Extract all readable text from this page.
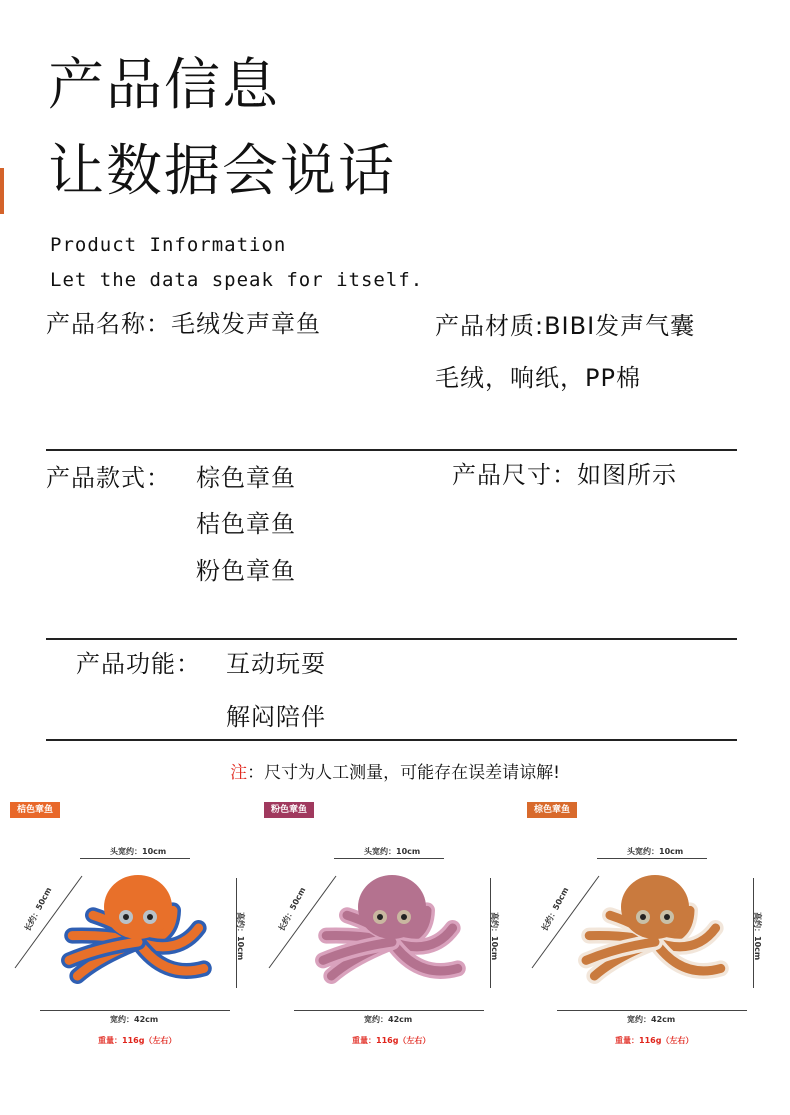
产品信息
让数据会说话
Product Information
Let the data speak for itself.
产品名称：毛绒发声章鱼	产品材质:BIBI发声气囊
毛绒，响纸，PP棉
产品款式： 棕色章鱼
桔色章鱼
粉色章鱼
产品尺寸：如图所示
产品功能： 互动玩耍
解闷陪伴
注：尺寸为人工测量，可能存在误差请谅解!
桔色章鱼
头宽约：10cm
高约：10cm
长约：50cm
宽约：42cm
重量：116g（左右）
粉色章鱼
头宽约：10cm
高约：10cm
长约：50cm
宽约：42cm
重量：116g（左右）
棕色章鱼
头宽约：10cm
高约：10cm
长约：50cm
宽约：42cm
重量：116g（左右）
